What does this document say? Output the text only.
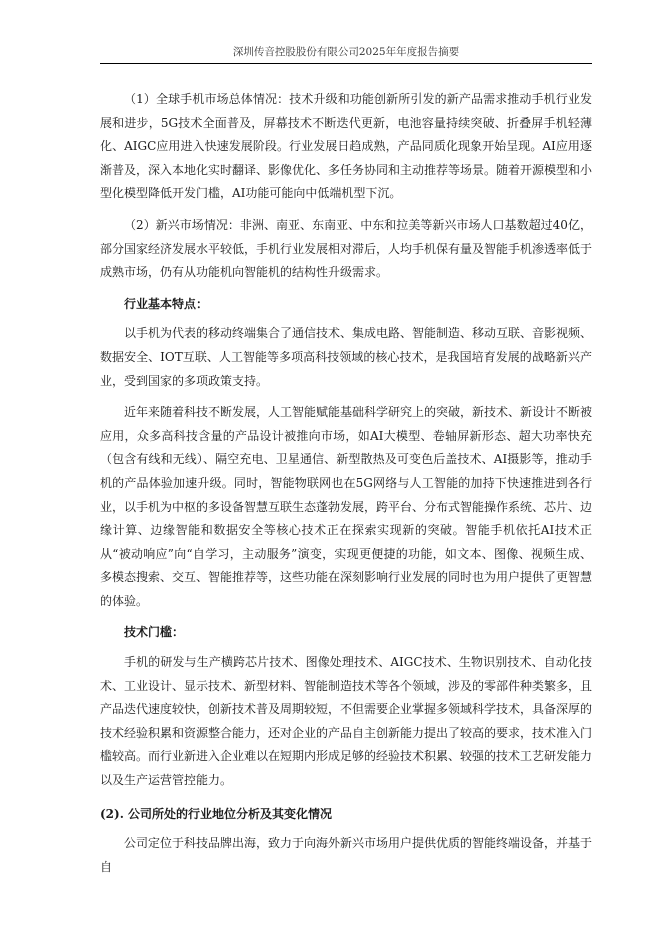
深圳传音控股股份有限公司2025年年度报告摘要

（1）全球手机市场总体情况：技术升级和功能创新所引发的新产品需求推动手机行业发展和进步，5G技术全面普及，屏幕技术不断迭代更新，电池容量持续突破、折叠屏手机轻薄化、AIGC应用进入快速发展阶段。行业发展日趋成熟，产品同质化现象开始呈现。AI应用逐渐普及，深入本地化实时翻译、影像优化、多任务协同和主动推荐等场景。随着开源模型和小型化模型降低开发门槛，AI功能可能向中低端机型下沉。

（2）新兴市场情况：非洲、南亚、东南亚、中东和拉美等新兴市场人口基数超过40亿，部分国家经济发展水平较低，手机行业发展相对滞后，人均手机保有量及智能手机渗透率低于成熟市场，仍有从功能机向智能机的结构性升级需求。

行业基本特点：

以手机为代表的移动终端集合了通信技术、集成电路、智能制造、移动互联、音影视频、数据安全、IOT互联、人工智能等多项高科技领域的核心技术，是我国培育发展的战略新兴产业，受到国家的多项政策支持。

近年来随着科技不断发展，人工智能赋能基础科学研究上的突破，新技术、新设计不断被应用，众多高科技含量的产品设计被推向市场，如AI大模型、卷轴屏新形态、超大功率快充（包含有线和无线）、隔空充电、卫星通信、新型散热及可变色后盖技术、AI摄影等，推动手机的产品体验加速升级。同时，智能物联网也在5G网络与人工智能的加持下快速推进到各行业，以手机为中枢的多设备智慧互联生态蓬勃发展，跨平台、分布式智能操作系统、芯片、边缘计算、边缘智能和数据安全等核心技术正在探索实现新的突破。智能手机依托AI技术正从“被动响应”向“自学习，主动服务”演变，实现更便捷的功能，如文本、图像、视频生成、多模态搜索、交互、智能推荐等，这些功能在深刻影响行业发展的同时也为用户提供了更智慧的体验。

技术门槛：

手机的研发与生产横跨芯片技术、图像处理技术、AIGC技术、生物识别技术、自动化技术、工业设计、显示技术、新型材料、智能制造技术等各个领域，涉及的零部件种类繁多，且产品迭代速度较快，创新技术普及周期较短，不但需要企业掌握多领域科学技术，具备深厚的技术经验积累和资源整合能力，还对企业的产品自主创新能力提出了较高的要求，技术准入门槛较高。而行业新进入企业难以在短期内形成足够的经验技术积累、较强的技术工艺研发能力以及生产运营管控能力。

(2). 公司所处的行业地位分析及其变化情况

公司定位于科技品牌出海，致力于向海外新兴市场用户提供优质的智能终端设备，并基于自
